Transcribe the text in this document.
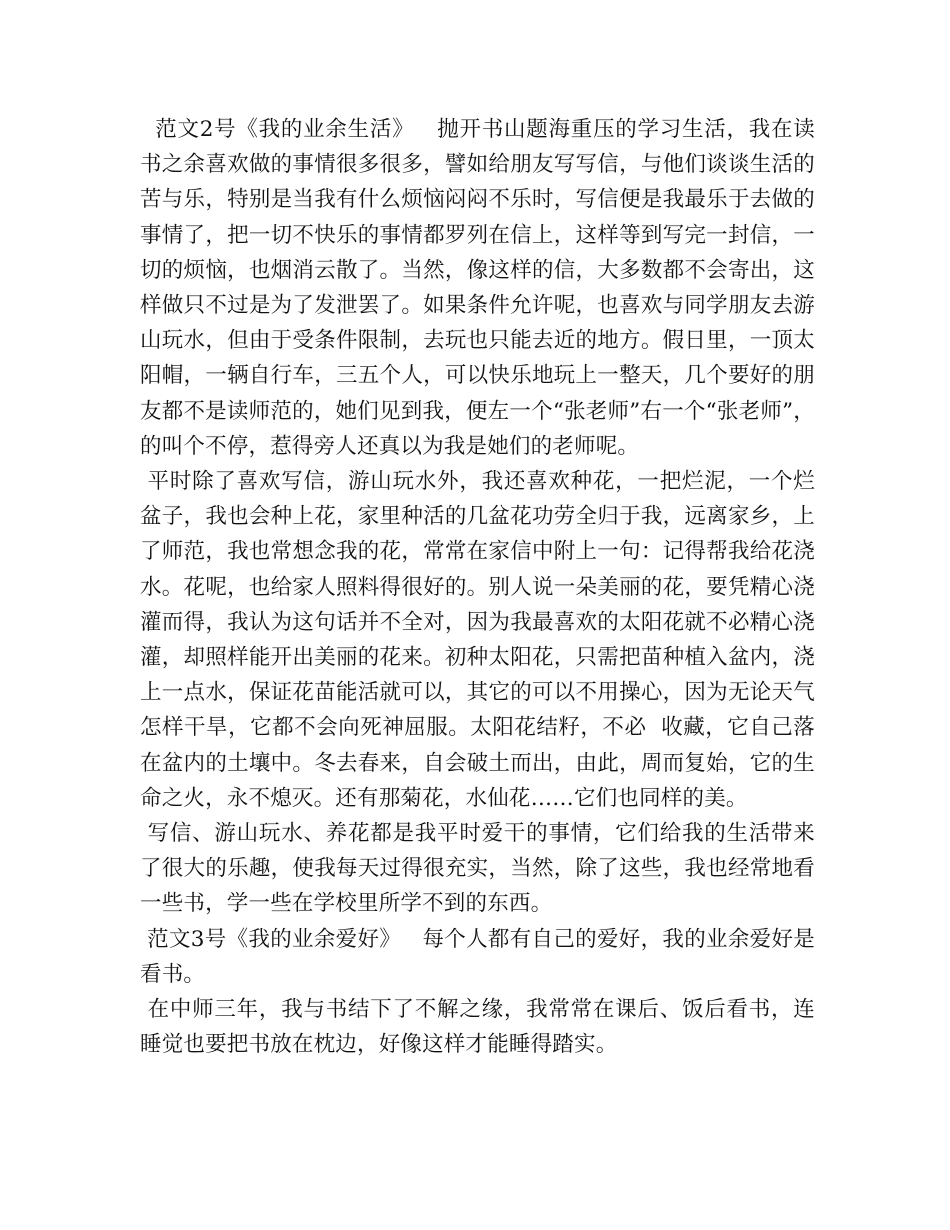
范文2号《我的业余生活》   抛开书山题海重压的学习生活，我在读书之余喜欢做的事情很多很多，譬如给朋友写写信，与他们谈谈生活的苦与乐，特别是当我有什么烦恼闷闷不乐时，写信便是我最乐于去做的事情了，把一切不快乐的事情都罗列在信上，这样等到写完一封信，一切的烦恼，也烟消云散了。当然，像这样的信，大多数都不会寄出，这样做只不过是为了发泄罢了。如果条件允许呢，也喜欢与同学朋友去游山玩水，但由于受条件限制，去玩也只能去近的地方。假日里，一顶太阳帽，一辆自行车，三五个人，可以快乐地玩上一整天，几个要好的朋友都不是读师范的，她们见到我，便左一个“张老师”右一个“张老师”，的叫个不停，惹得旁人还真以为我是她们的老师呢。

平时除了喜欢写信，游山玩水外，我还喜欢种花，一把烂泥，一个烂盆子，我也会种上花，家里种活的几盆花功劳全归于我，远离家乡，上了师范，我也常想念我的花，常常在家信中附上一句：记得帮我给花浇水。花呢，也给家人照料得很好的。别人说一朵美丽的花，要凭精心浇灌而得，我认为这句话并不全对，因为我最喜欢的太阳花就不必精心浇灌，却照样能开出美丽的花来。初种太阳花，只需把苗种植入盆内，浇上一点水，保证花苗能活就可以，其它的可以不用操心，因为无论天气怎样干旱，它都不会向死神屈服。太阳花结籽，不必  收藏，它自己落在盆内的土壤中。冬去春来，自会破土而出，由此，周而复始，它的生命之火，永不熄灭。还有那菊花，水仙花……它们也同样的美。

写信、游山玩水、养花都是我平时爱干的事情，它们给我的生活带来了很大的乐趣，使我每天过得很充实，当然，除了这些，我也经常地看一些书，学一些在学校里所学不到的东西。

范文3号《我的业余爱好》   每个人都有自己的爱好，我的业余爱好是看书。

在中师三年，我与书结下了不解之缘，我常常在课后、饭后看书，连睡觉也要把书放在枕边，好像这样才能睡得踏实。
